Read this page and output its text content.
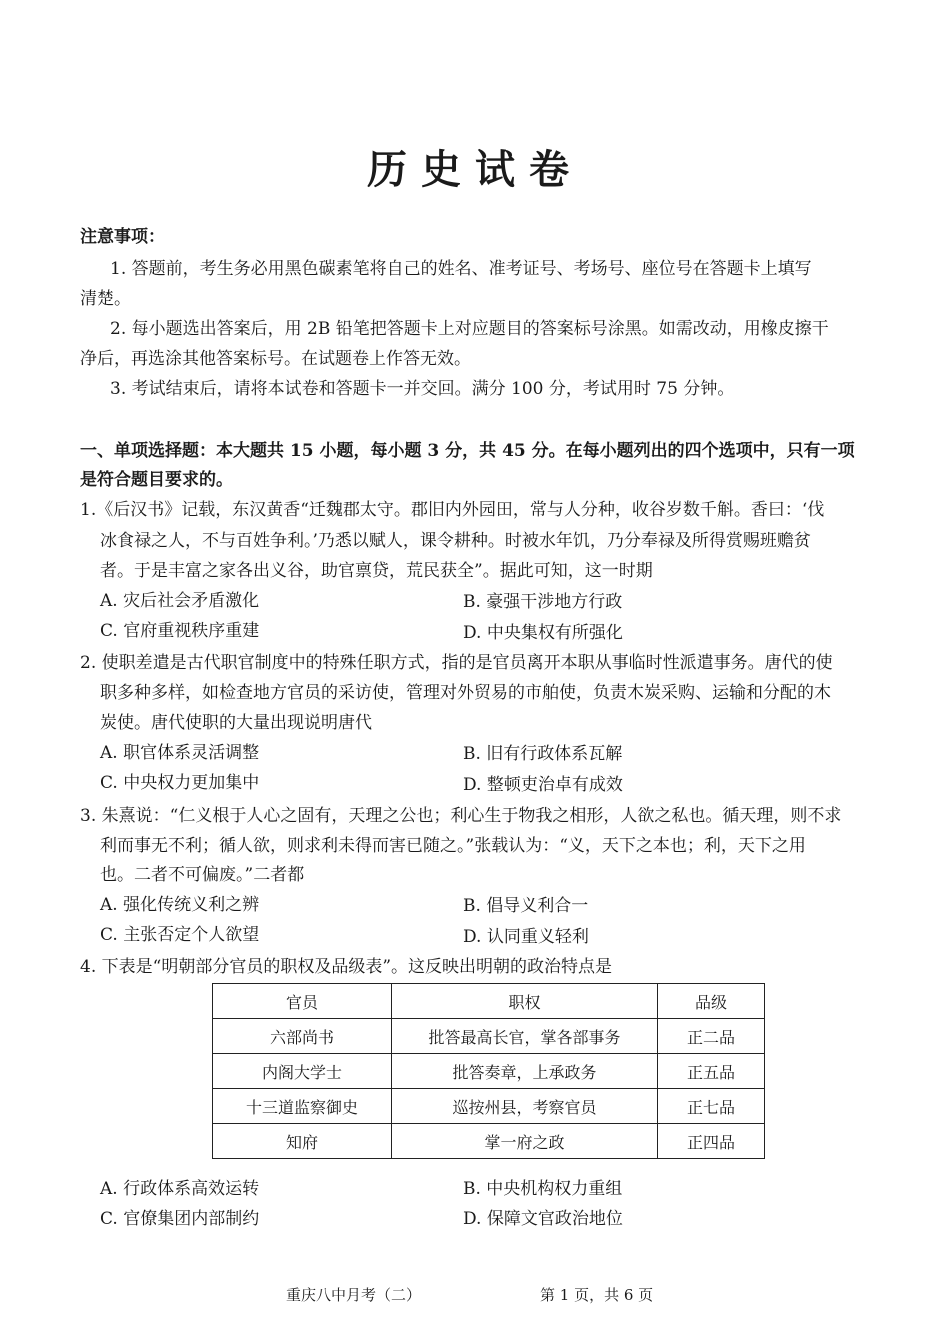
历史试卷
注意事项：
1. 答题前，考生务必用黑色碳素笔将自己的姓名、准考证号、考场号、座位号在答题卡上填写
清楚。
2. 每小题选出答案后，用 2B 铅笔把答题卡上对应题目的答案标号涂黑。如需改动，用橡皮擦干
净后，再选涂其他答案标号。在试题卷上作答无效。
3. 考试结束后，请将本试卷和答题卡一并交回。满分 100 分，考试用时 75 分钟。
一、单项选择题：本大题共 15 小题，每小题 3 分，共 45 分。在每小题列出的四个选项中，只有一项
是符合题目要求的。
1.《后汉书》记载，东汉黄香“迁魏郡太守。郡旧内外园田，常与人分种，收谷岁数千斛。香曰：‘伐
冰食禄之人，不与百姓争利。’乃悉以赋人，课令耕种。时被水年饥，乃分奉禄及所得赏赐班赡贫
者。于是丰富之家各出义谷，助官禀贷，荒民获全”。据此可知，这一时期
A. 灾后社会矛盾激化	B. 豪强干涉地方行政
C. 官府重视秩序重建	D. 中央集权有所强化
2. 使职差遣是古代职官制度中的特殊任职方式，指的是官员离开本职从事临时性派遣事务。唐代的使
职多种多样，如检查地方官员的采访使，管理对外贸易的市舶使，负责木炭采购、运输和分配的木
炭使。唐代使职的大量出现说明唐代
A. 职官体系灵活调整	B. 旧有行政体系瓦解
C. 中央权力更加集中	D. 整顿吏治卓有成效
3. 朱熹说：“仁义根于人心之固有，天理之公也；利心生于物我之相形，人欲之私也。循天理，则不求
利而事无不利；循人欲，则求利未得而害已随之。”张载认为：“义，天下之本也；利，天下之用
也。二者不可偏废。”二者都
A. 强化传统义利之辨	B. 倡导义利合一
C. 主张否定个人欲望	D. 认同重义轻利
4. 下表是“明朝部分官员的职权及品级表”。这反映出明朝的政治特点是
官员	职权	品级
六部尚书	批答最高长官，掌各部事务	正二品
内阁大学士	批答奏章，上承政务	正五品
十三道监察御史	巡按州县，考察官员	正七品
知府	掌一府之政	正四品
A. 行政体系高效运转	B. 中央机构权力重组
C. 官僚集团内部制约	D. 保障文官政治地位
重庆八中月考（二）	第 1 页，共 6 页
